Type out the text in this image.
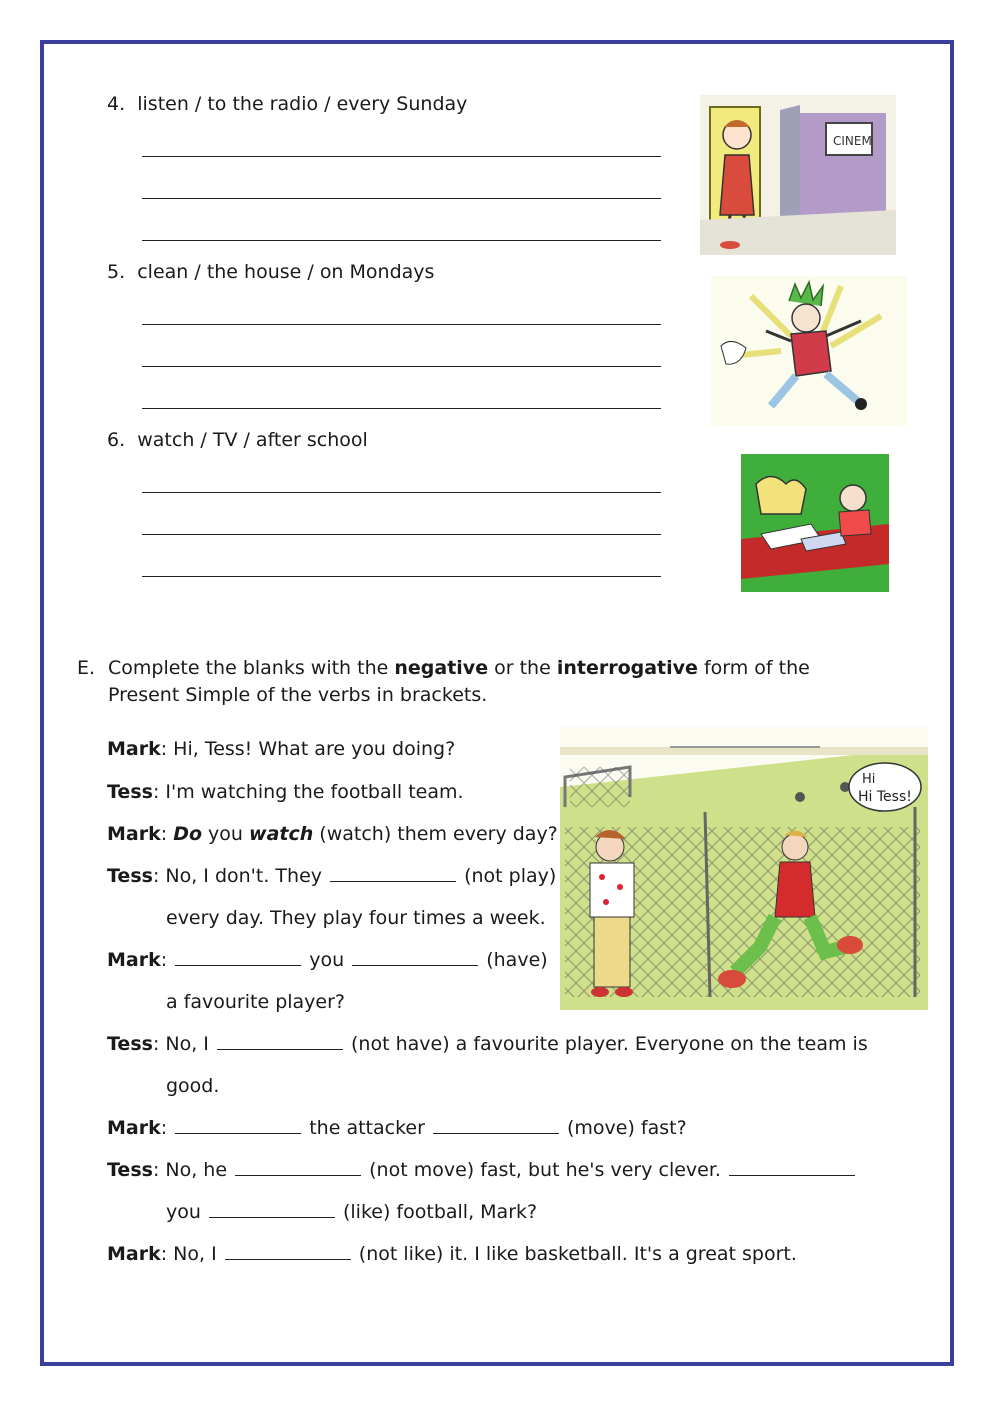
4. listen / to the radio / every Sunday
CINEM
5. clean / the house / on Mondays
6. watch / TV / after school
E. Complete the blanks with the negative or the interrogative form of the Present Simple of the verbs in brackets.
Hi
Hi Tess!
Mark: Hi, Tess! What are you doing?
Tess: I'm watching the football team.
Mark: Do you watch (watch) them every day?
Tess: No, I don't. They	(not play)
every day. They play four times a week.
Mark:	you	(have)
a favourite player?
Tess: No, I	(not have) a favourite player. Everyone on the team is
good.
Mark:	the attacker	(move) fast?
Tess: No, he	(not move) fast, but he's very clever.
you	(like) football, Mark?
Mark: No, I	(not like) it. I like basketball. It's a great sport.
